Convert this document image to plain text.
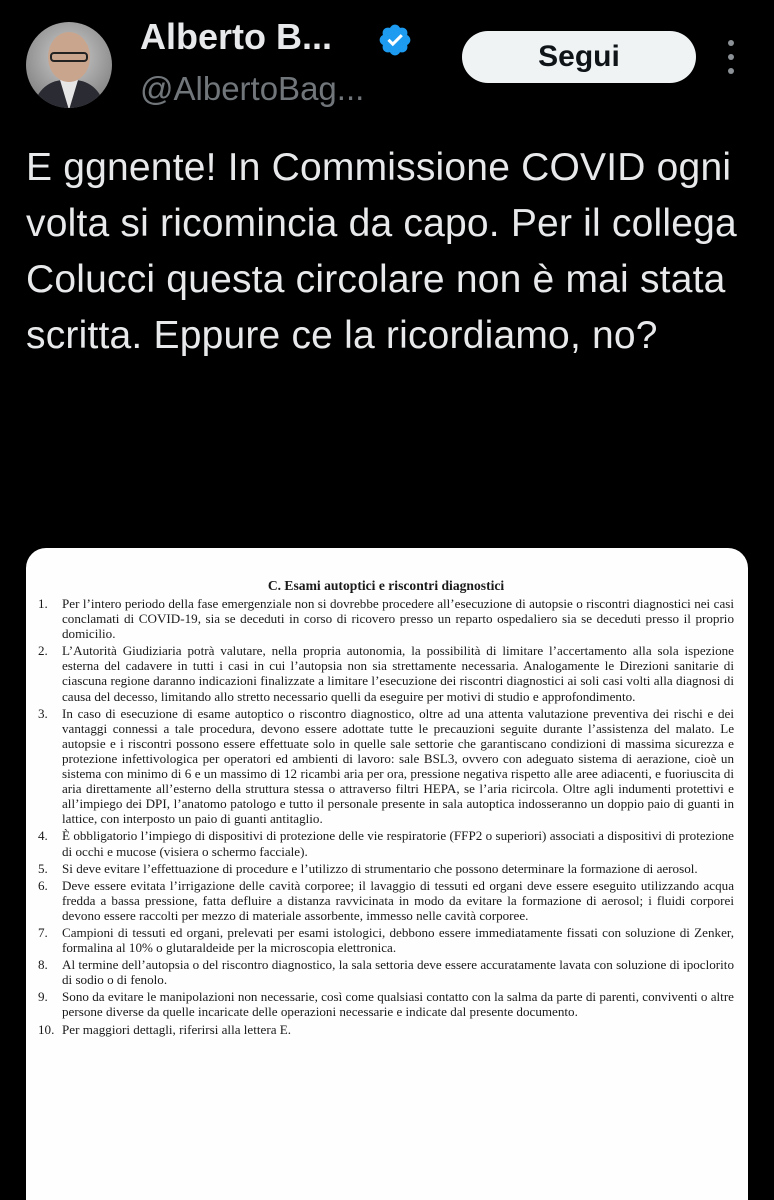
Alberto B...
@AlbertoBag...
Segui
E ggnente! In Commissione COVID ogni volta si ricomincia da capo. Per il collega Colucci questa circolare non è mai stata scritta. Eppure ce la ricordiamo, no?
C. Esami autoptici e riscontri diagnostici
1.	Per l’intero periodo della fase emergenziale non si dovrebbe procedere all’esecuzione di autopsie o riscontri diagnostici nei casi conclamati di COVID-19, sia se deceduti in corso di ricovero presso un reparto ospedaliero sia se deceduti presso il proprio domicilio.
2.	L’Autorità Giudiziaria potrà valutare, nella propria autonomia, la possibilità di limitare l’accertamento alla sola ispezione esterna del cadavere in tutti i casi in cui l’autopsia non sia strettamente necessaria. Analogamente le Direzioni sanitarie di ciascuna regione daranno indicazioni finalizzate a limitare l’esecuzione dei riscontri diagnostici ai soli casi volti alla diagnosi di causa del decesso, limitando allo stretto necessario quelli da eseguire per motivi di studio e approfondimento.
3.	In caso di esecuzione di esame autoptico o riscontro diagnostico, oltre ad una attenta valutazione preventiva dei rischi e dei vantaggi connessi a tale procedura, devono essere adottate tutte le precauzioni seguite durante l’assistenza del malato. Le autopsie e i riscontri possono essere effettuate solo in quelle sale settorie che garantiscano condizioni di massima sicurezza e protezione infettivologica per operatori ed ambienti di lavoro: sale BSL3, ovvero con adeguato sistema di aerazione, cioè un sistema con minimo di 6 e un massimo di 12 ricambi aria per ora, pressione negativa rispetto alle aree adiacenti, e fuoriuscita di aria direttamente all’esterno della struttura stessa o attraverso filtri HEPA, se l’aria ricircola. Oltre agli indumenti protettivi e all’impiego dei DPI, l’anatomo patologo e tutto il personale presente in sala autoptica indosseranno un doppio paio di guanti in lattice, con interposto un paio di guanti antitaglio.
4.	È obbligatorio l’impiego di dispositivi di protezione delle vie respiratorie (FFP2 o superiori) associati a dispositivi di protezione di occhi e mucose (visiera o schermo facciale).
5.	Si deve evitare l’effettuazione di procedure e l’utilizzo di strumentario che possono determinare la formazione di aerosol.
6.	Deve essere evitata l’irrigazione delle cavità corporee; il lavaggio di tessuti ed organi deve essere eseguito utilizzando acqua fredda a bassa pressione, fatta defluire a distanza ravvicinata in modo da evitare la formazione di aerosol; i fluidi corporei devono essere raccolti per mezzo di materiale assorbente, immesso nelle cavità corporee.
7.	Campioni di tessuti ed organi, prelevati per esami istologici, debbono essere immediatamente fissati con soluzione di Zenker, formalina al 10% o glutaraldeide per la microscopia elettronica.
8.	Al termine dell’autopsia o del riscontro diagnostico, la sala settoria deve essere accuratamente lavata con soluzione di ipoclorito di sodio o di fenolo.
9.	Sono da evitare le manipolazioni non necessarie, così come qualsiasi contatto con la salma da parte di parenti, conviventi o altre persone diverse da quelle incaricate delle operazioni necessarie e indicate dal presente documento.
10. Per maggiori dettagli, riferirsi alla lettera E.
